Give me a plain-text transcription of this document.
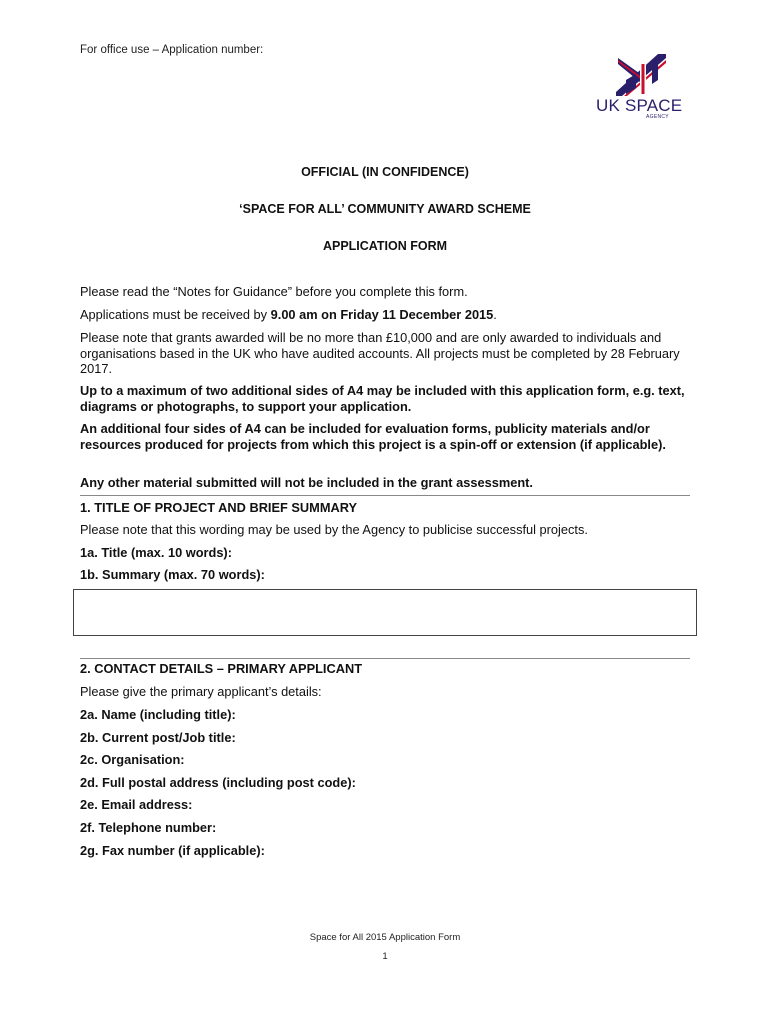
For office use – Application number:
UK SPACE
AGENCY
OFFICIAL (IN CONFIDENCE)
‘SPACE FOR ALL’ COMMUNITY AWARD SCHEME
APPLICATION FORM
Please read the “Notes for Guidance” before you complete this form.
Applications must be received by 9.00 am on Friday 11 December 2015.
Please note that grants awarded will be no more than £10,000 and are only awarded to individuals and organisations based in the UK who have audited accounts. All projects must be completed by 28 February 2017.
Up to a maximum of two additional sides of A4 may be included with this application form, e.g. text, diagrams or photographs, to support your application.
An additional four sides of A4 can be included for evaluation forms, publicity materials and/or resources produced for projects from which this project is a spin-off or extension (if applicable).
Any other material submitted will not be included in the grant assessment.
1. TITLE OF PROJECT AND BRIEF SUMMARY
Please note that this wording may be used by the Agency to publicise successful projects.
1a. Title (max. 10 words):
1b. Summary (max. 70 words):
2. CONTACT DETAILS – PRIMARY APPLICANT
Please give the primary applicant’s details:
2a. Name (including title):
2b. Current post/Job title:
2c. Organisation:
2d. Full postal address (including post code):
2e. Email address:
2f. Telephone number:
2g. Fax number (if applicable):
Space for All 2015 Application Form
1
